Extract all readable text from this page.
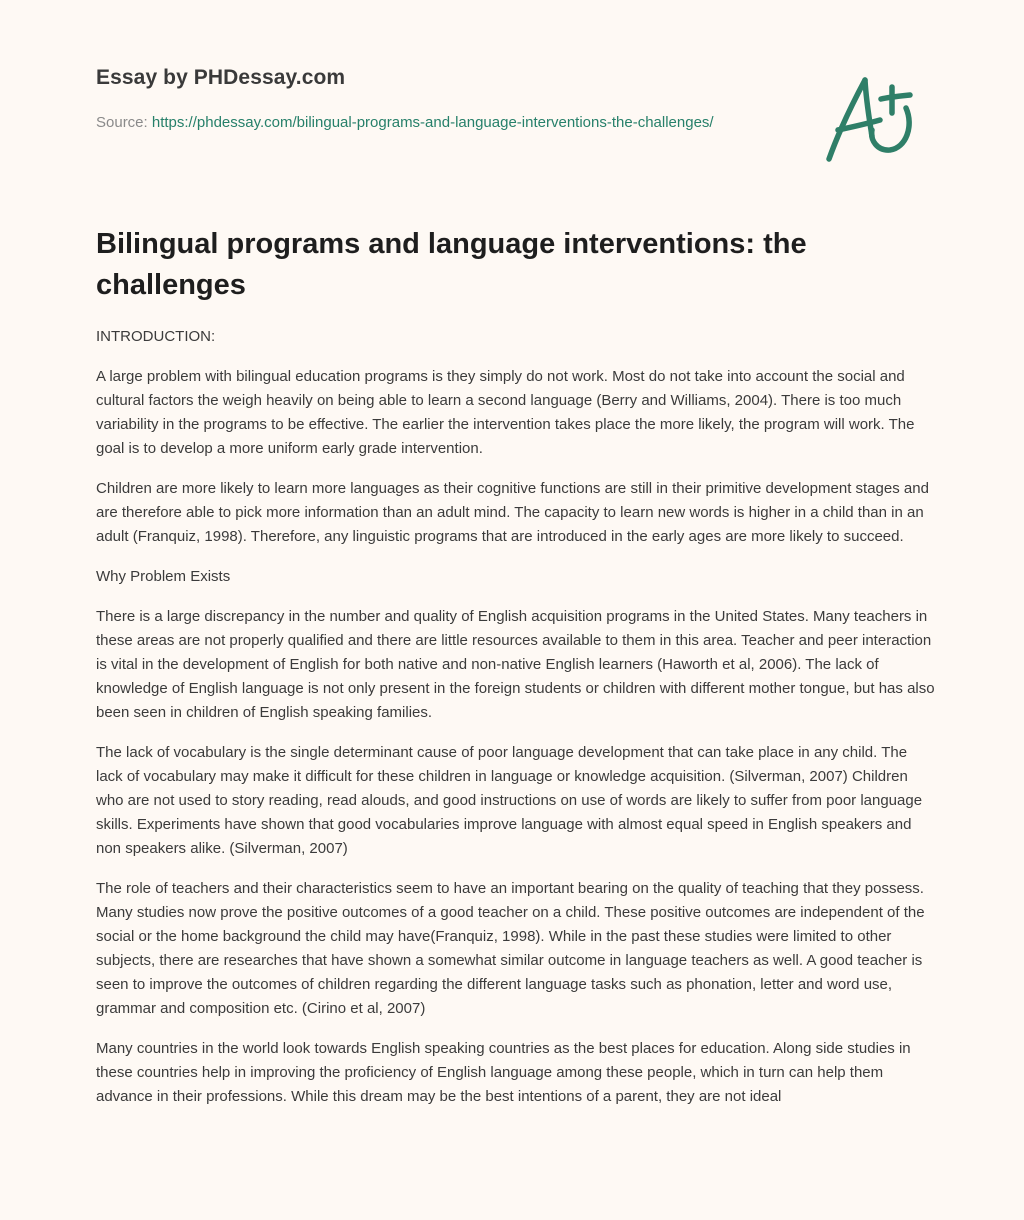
Essay by PHDessay.com
Source: https://phdessay.com/bilingual-programs-and-language-interventions-the-challenges/
Bilingual programs and language interventions: the challenges

INTRODUCTION:

A large problem with bilingual education programs is they simply do not work. Most do not take into account the social and cultural factors the weigh heavily on being able to learn a second language (Berry and Williams, 2004). There is too much variability in the programs to be effective. The earlier the intervention takes place the more likely, the program will work. The goal is to develop a more uniform early grade intervention.

Children are more likely to learn more languages as their cognitive functions are still in their primitive development stages and are therefore able to pick more information than an adult mind. The capacity to learn new words is higher in a child than in an adult (Franquiz, 1998). Therefore, any linguistic programs that are introduced in the early ages are more likely to succeed.

Why Problem Exists

There is a large discrepancy in the number and quality of English acquisition programs in the United States. Many teachers in these areas are not properly qualified and there are little resources available to them in this area. Teacher and peer interaction is vital in the development of English for both native and non-native English learners (Haworth et al, 2006). The lack of knowledge of English language is not only present in the foreign students or children with different mother tongue, but has also been seen in children of English speaking families.

The lack of vocabulary is the single determinant cause of poor language development that can take place in any child. The lack of vocabulary may make it difficult for these children in language or knowledge acquisition. (Silverman, 2007) Children who are not used to story reading, read alouds, and good instructions on use of words are likely to suffer from poor language skills. Experiments have shown that good vocabularies improve language with almost equal speed in English speakers and non speakers alike. (Silverman, 2007)

The role of teachers and their characteristics seem to have an important bearing on the quality of teaching that they possess. Many studies now prove the positive outcomes of a good teacher on a child. These positive outcomes are independent of the social or the home background the child may have(Franquiz, 1998). While in the past these studies were limited to other subjects, there are researches that have shown a somewhat similar outcome in language teachers as well. A good teacher is seen to improve the outcomes of children regarding the different language tasks such as phonation, letter and word use, grammar and composition etc. (Cirino et al, 2007)

Many countries in the world look towards English speaking countries as the best places for education. Along side studies in these countries help in improving the proficiency of English language among these people, which in turn can help them advance in their professions. While this dream may be the best intentions of a parent, they are not ideal
